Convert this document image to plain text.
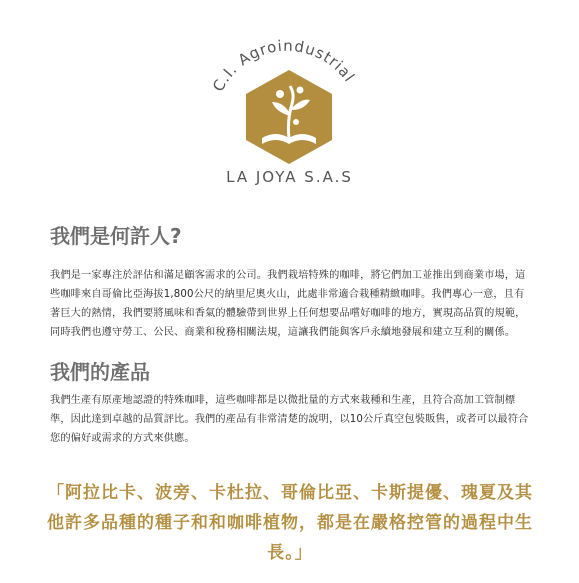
C.I. Agroindustrial
LA JOYA S.A.S
我們是何許人?

我們是一家專注於評估和滿足顧客需求的公司。我們栽培特殊的咖啡，將它們加工並推出到商業市場，這些咖啡來自哥倫比亞海拔1,800公尺的納里尼奧火山，此處非常適合栽種精緻咖啡。我們專心一意，且有著巨大的熱情，我們要將風味和香氣的體驗帶到世界上任何想要品嚐好咖啡的地方，實現高品質的規範，同時我們也遵守勞工、公民、商業和稅務相關法規，這讓我們能與客戶永續地發展和建立互利的關係。

我們的產品

我們生產有原產地認證的特殊咖啡，這些咖啡都是以微批量的方式來栽種和生產，且符合高加工管制標準，因此達到卓越的品質評比。我們的產品有非常清楚的說明，以10公斤真空包裝販售，或者可以最符合您的偏好或需求的方式來供應。

「阿拉比卡、波旁、卡杜拉、哥倫比亞、卡斯提優、瑰夏及其他許多品種的種子和和咖啡植物，都是在嚴格控管的過程中生長。」
